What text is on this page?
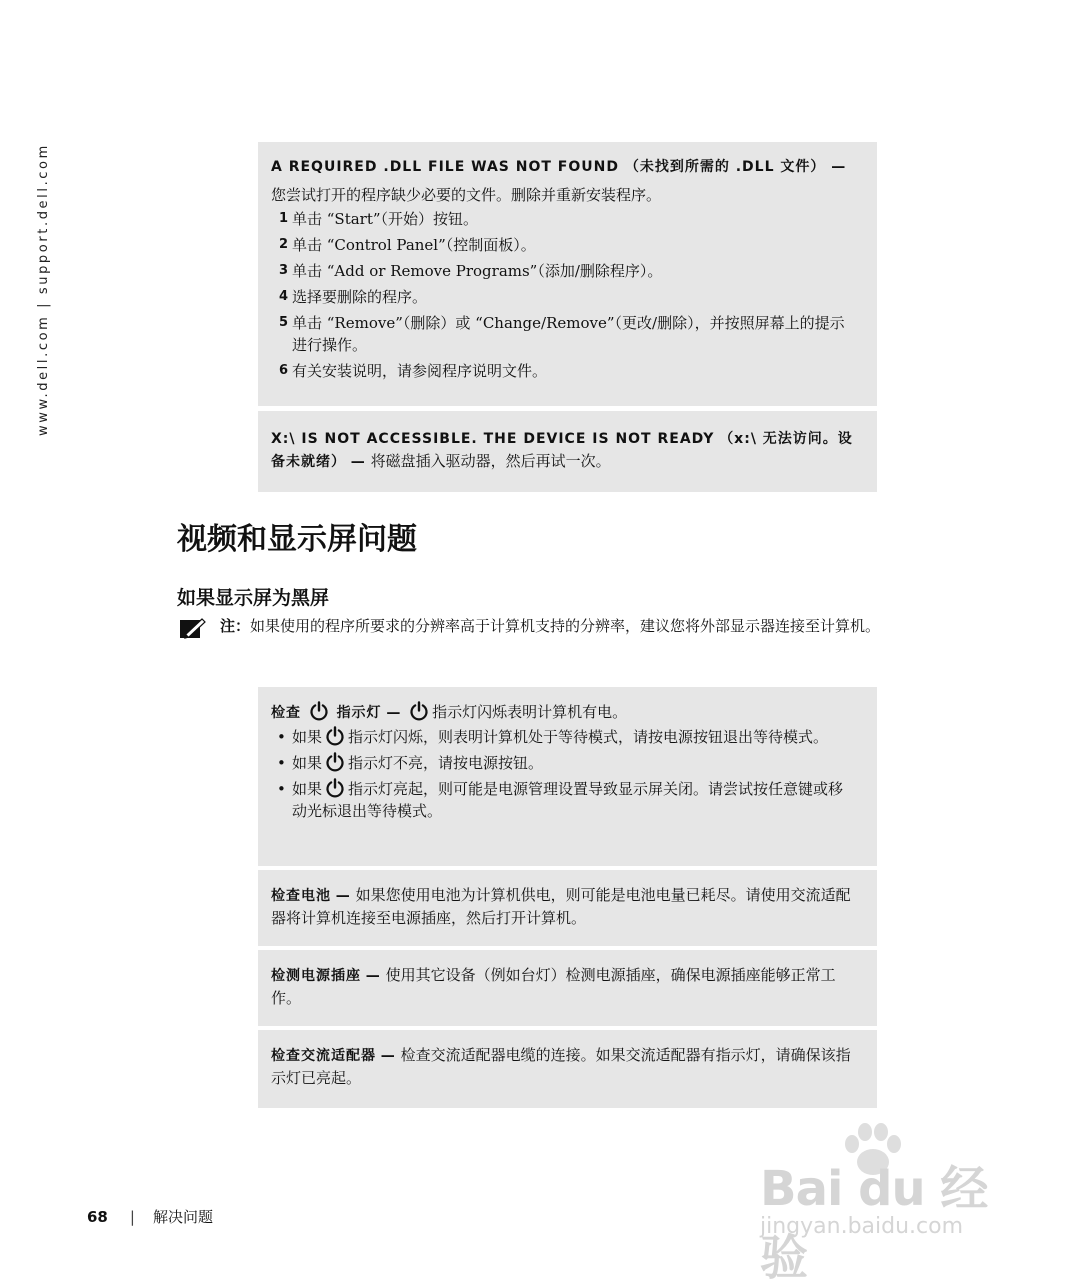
www.dell.com | support.dell.com	A REQUIRED .DLL FILE WAS NOT FOUND （未找到所需的 .DLL 文件） —
您尝试打开的程序缺少必要的文件。删除并重新安装程序。
1 单击 “Start”（开始）按钮。
2 单击 “Control Panel”（控制面板）。
3 单击 “Add or Remove Programs”（添加/删除程序）。
4 选择要删除的程序。
5 单击 “Remove”（删除）或 “Change/Remove”（更改/删除），并按照屏幕上的提示进行操作。
6 有关安装说明，请参阅程序说明文件。
X:\ IS NOT ACCESSIBLE. THE DEVICE IS NOT READY （x:\ 无法访问。设备未就绪） — 将磁盘插入驱动器，然后再试一次。
视频和显示屏问题
如果显示屏为黑屏
注：如果使用的程序所要求的分辨率高于计算机支持的分辨率，建议您将外部显示器连接至计算机。
检查	指示灯 — 指示灯闪烁表明计算机有电。
• 如果 指示灯闪烁，则表明计算机处于等待模式，请按电源按钮退出等待模式。
• 如果 指示灯不亮，请按电源按钮。
• 如果 指示灯亮起，则可能是电源管理设置导致显示屏关闭。请尝试按任意键或移动光标退出等待模式。
检查电池 — 如果您使用电池为计算机供电，则可能是电池电量已耗尽。请使用交流适配器将计算机连接至电源插座，然后打开计算机。
检测电源插座 — 使用其它设备（例如台灯）检测电源插座，确保电源插座能够正常工作。
检查交流适配器 — 检查交流适配器电缆的连接。如果交流适配器有指示灯，请确保该指示灯已亮起。
68 | 解决问题	Bai du 经验
jingyan.baidu.com
